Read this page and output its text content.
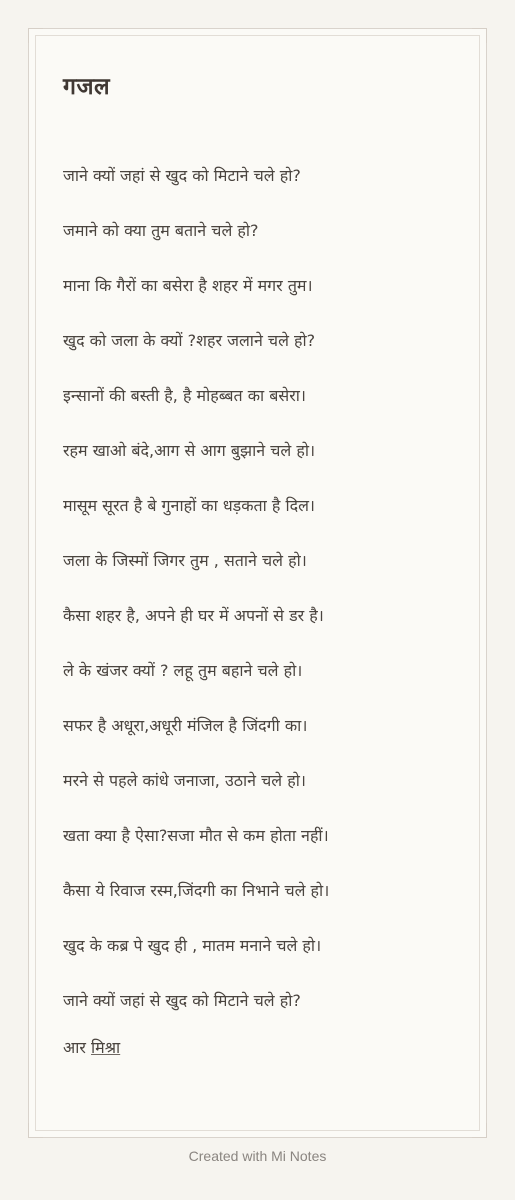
गजल
जाने क्यों जहां से खुद को मिटाने चले हो?
जमाने को क्या तुम बताने चले हो?
माना कि गैरों का बसेरा है शहर में मगर तुम।
खुद को जला के क्यों ?शहर जलाने चले हो?
इन्सानों की बस्ती है, है मोहब्बत का बसेरा।
रहम खाओ बंदे,आग से आग बुझाने चले हो।
मासूम सूरत है बे गुनाहों का धड़कता है दिल।
जला के जिस्मों जिगर तुम , सताने चले हो।
कैसा शहर है, अपने ही घर में अपनों से डर है।
ले के खंजर क्यों ? लहू तुम बहाने चले हो।
सफर है अधूरा,अधूरी मंजिल है जिंदगी का।
मरने से पहले कांधे जनाजा, उठाने चले हो।
खता क्या है ऐसा?सजा मौत से कम होता नहीं।
कैसा ये रिवाज रस्म,जिंदगी का निभाने चले हो।
खुद के कब्र पे खुद ही , मातम मनाने चले हो।
जाने क्यों जहां से खुद को मिटाने चले हो?
आर मिश्रा
Created with Mi Notes
